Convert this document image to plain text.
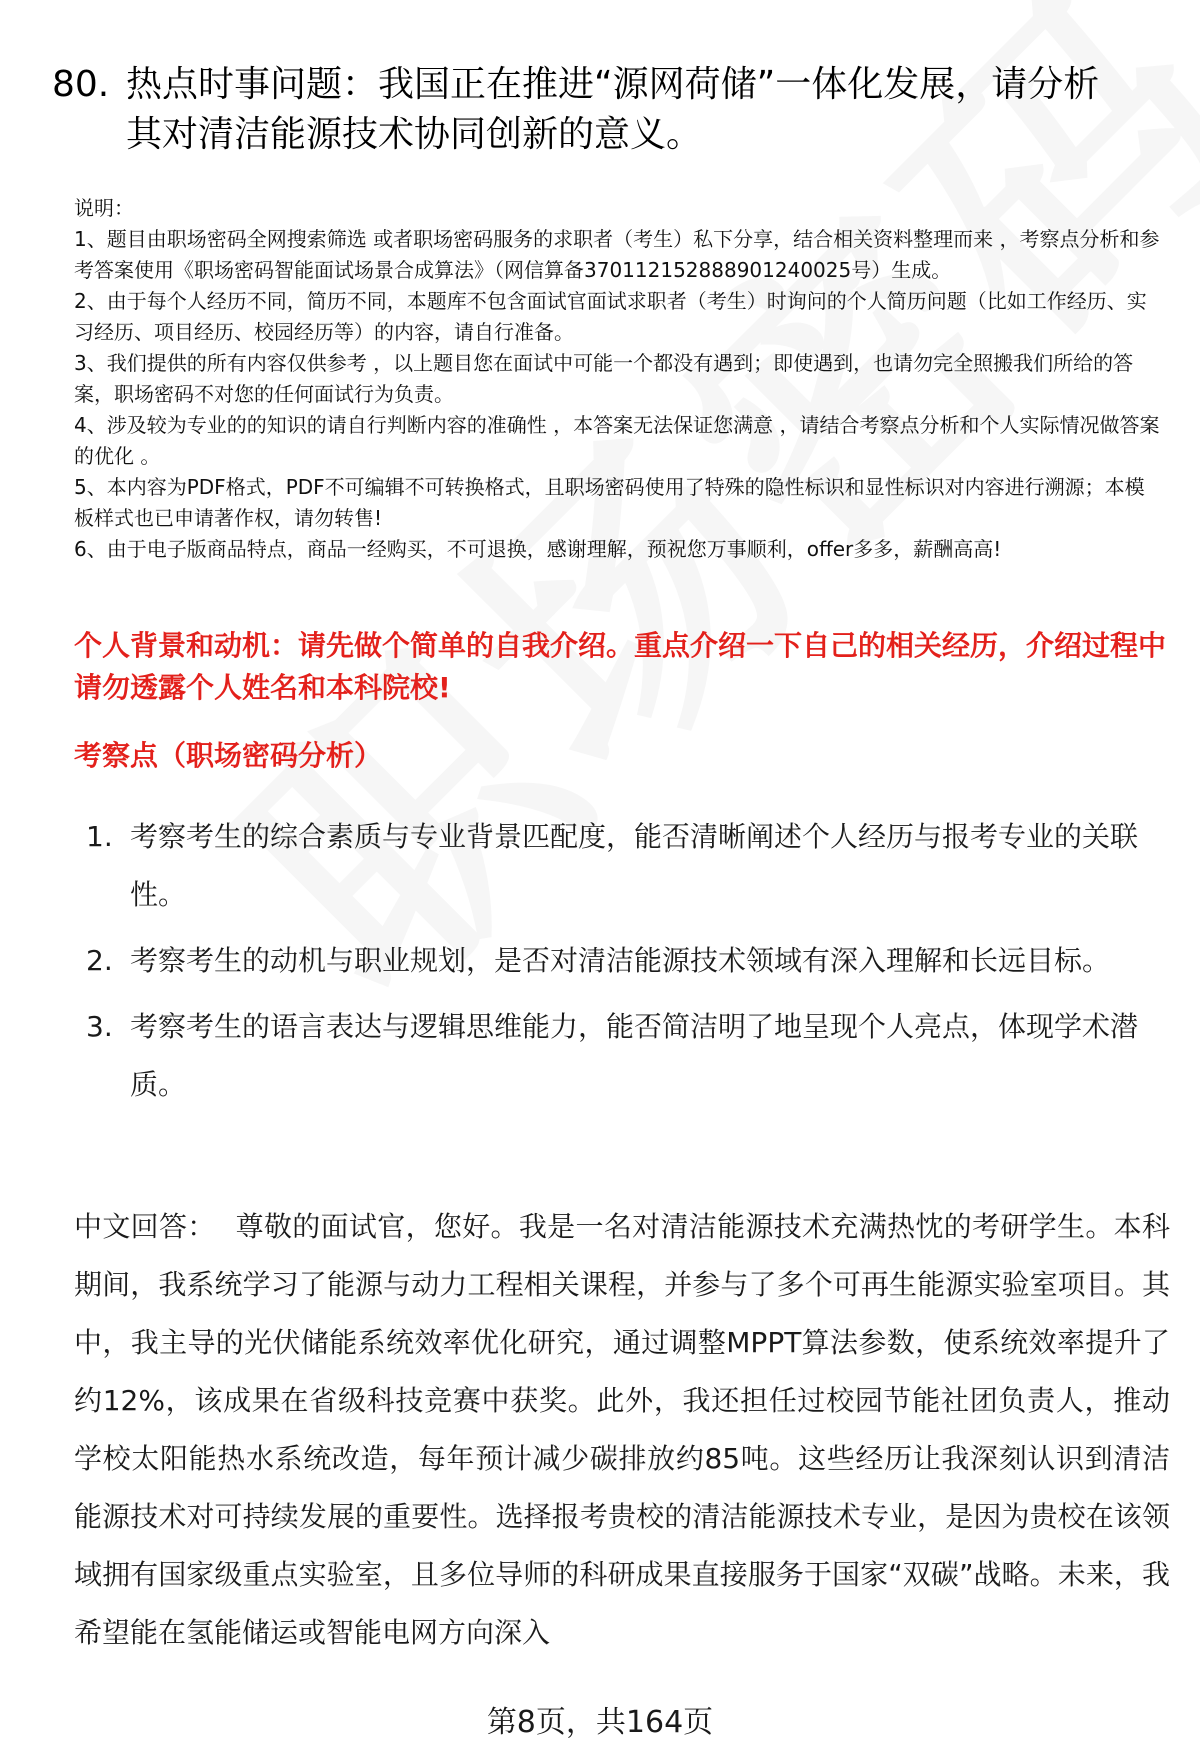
80. 热点时事问题：我国正在推进“源网荷储”一体化发展，请分析
其对清洁能源技术协同创新的意义。

说明：

1、题目由职场密码全网搜索筛选 或者职场密码服务的求职者（考生）私下分享，结合相关资料整理而来 ，考察点分析和参考答案使用《职场密码智能面试场景合成算法》（网信算备370112152888901240025号）生成。

2、由于每个人经历不同，简历不同，本题库不包含面试官面试求职者（考生）时询问的个人简历问题（比如工作经历、实习经历、项目经历、校园经历等）的内容，请自行准备。

3、我们提供的所有内容仅供参考 ，以上题目您在面试中可能一个都没有遇到；即使遇到，也请勿完全照搬我们所给的答案，职场密码不对您的任何面试行为负责。

4、涉及较为专业的的知识的请自行判断内容的准确性 ，本答案无法保证您满意 ，请结合考察点分析和个人实际情况做答案的优化 。

5、本内容为PDF格式，PDF不可编辑不可转换格式，且职场密码使用了特殊的隐性标识和显性标识对内容进行溯源；本模板样式也已申请著作权，请勿转售!

6、由于电子版商品特点，商品一经购买，不可退换，感谢理解，预祝您万事顺利，offer多多，薪酬高高!

个人背景和动机：请先做个简单的自我介绍。重点介绍一下自己的相关经历，介绍过程中请勿透露个人姓名和本科院校!
考察点（职场密码分析）
1. 考察考生的综合素质与专业背景匹配度，能否清晰阐述个人经历与报考专业的关联性。
2. 考察考生的动机与职业规划，是否对清洁能源技术领域有深入理解和长远目标。
3. 考察考生的语言表达与逻辑思维能力，能否简洁明了地呈现个人亮点，体现学术潜质。
中文回答： 尊敬的面试官，您好。我是一名对清洁能源技术充满热忱的考研学生。本科期间，我系统学习了能源与动力工程相关课程，并参与了多个可再生能源实验室项目。其中，我主导的光伏储能系统效率优化研究，通过调整MPPT算法参数，使系统效率提升了约12%，该成果在省级科技竞赛中获奖。此外，我还担任过校园节能社团负责人，推动学校太阳能热水系统改造，每年预计减少碳排放约85吨。这些经历让我深刻认识到清洁能源技术对可持续发展的重要性。选择报考贵校的清洁能源技术专业，是因为贵校在该领域拥有国家级重点实验室，且多位导师的科研成果直接服务于国家“双碳”战略。未来，我希望能在氢能储运或智能电网方向深入
第8页，共164页
